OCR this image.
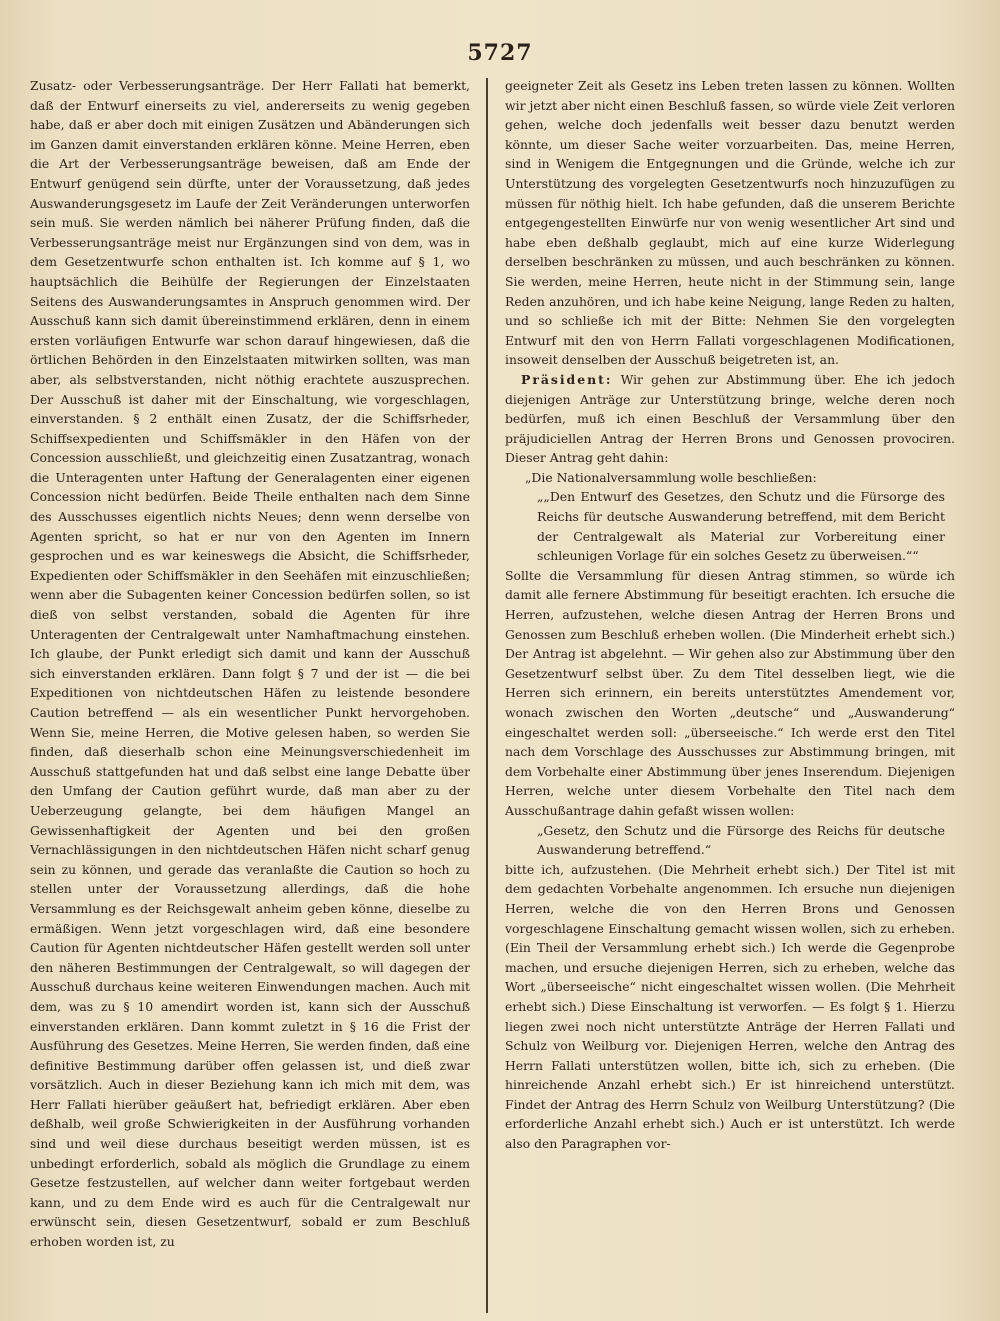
5727

Zusatz- oder Verbesserungsanträge. Der Herr Fallati hat bemerkt, daß der Entwurf einerseits zu viel, andererseits zu wenig gegeben habe, daß er aber doch mit einigen Zusätzen und Abänderungen sich im Ganzen damit einverstanden erklären könne. Meine Herren, eben die Art der Verbesserungsanträge beweisen, daß am Ende der Entwurf genügend sein dürfte, unter der Voraussetzung, daß jedes Auswanderungsgesetz im Laufe der Zeit Veränderungen unterworfen sein muß. Sie werden nämlich bei näherer Prüfung finden, daß die Verbesserungsanträge meist nur Ergänzungen sind von dem, was in dem Gesetzentwurfe schon enthalten ist. Ich komme auf § 1, wo hauptsächlich die Beihülfe der Regierungen der Einzelstaaten Seitens des Auswanderungsamtes in Anspruch genommen wird. Der Ausschuß kann sich damit übereinstimmend erklären, denn in einem ersten vorläufigen Entwurfe war schon darauf hingewiesen, daß die örtlichen Behörden in den Einzelstaaten mitwirken sollten, was man aber, als selbstverstanden, nicht nöthig erachtete auszusprechen. Der Ausschuß ist daher mit der Einschaltung, wie vorgeschlagen, einverstanden. § 2 enthält einen Zusatz, der die Schiffsrheder, Schiffsexpedienten und Schiffsmäkler in den Häfen von der Concession ausschließt, und gleichzeitig einen Zusatzantrag, wonach die Unteragenten unter Haftung der Generalagenten einer eigenen Concession nicht bedürfen. Beide Theile enthalten nach dem Sinne des Ausschusses eigentlich nichts Neues; denn wenn derselbe von Agenten spricht, so hat er nur von den Agenten im Innern gesprochen und es war keineswegs die Absicht, die Schiffsrheder, Expedienten oder Schiffsmäkler in den Seehäfen mit einzuschließen; wenn aber die Subagenten keiner Concession bedürfen sollen, so ist dieß von selbst verstanden, sobald die Agenten für ihre Unteragenten der Centralgewalt unter Namhaftmachung einstehen. Ich glaube, der Punkt erledigt sich damit und kann der Ausschuß sich einverstanden erklären. Dann folgt § 7 und der ist — die bei Expeditionen von nichtdeutschen Häfen zu leistende besondere Caution betreffend — als ein wesentlicher Punkt hervorgehoben. Wenn Sie, meine Herren, die Motive gelesen haben, so werden Sie finden, daß dieserhalb schon eine Meinungsverschiedenheit im Ausschuß stattgefunden hat und daß selbst eine lange Debatte über den Umfang der Caution geführt wurde, daß man aber zu der Ueberzeugung gelangte, bei dem häufigen Mangel an Gewissenhaftigkeit der Agenten und bei den großen Vernachlässigungen in den nichtdeutschen Häfen nicht scharf genug sein zu können, und gerade das veranlaßte die Caution so hoch zu stellen unter der Voraussetzung allerdings, daß die hohe Versammlung es der Reichsgewalt anheim geben könne, dieselbe zu ermäßigen. Wenn jetzt vorgeschlagen wird, daß eine besondere Caution für Agenten nichtdeutscher Häfen gestellt werden soll unter den näheren Bestimmungen der Centralgewalt, so will dagegen der Ausschuß durchaus keine weiteren Einwendungen machen. Auch mit dem, was zu § 10 amendirt worden ist, kann sich der Ausschuß einverstanden erklären. Dann kommt zuletzt in § 16 die Frist der Ausführung des Gesetzes. Meine Herren, Sie werden finden, daß eine definitive Bestimmung darüber offen gelassen ist, und dieß zwar vorsätzlich. Auch in dieser Beziehung kann ich mich mit dem, was Herr Fallati hierüber geäußert hat, befriedigt erklären. Aber eben deßhalb, weil große Schwierigkeiten in der Ausführung vorhanden sind und weil diese durchaus beseitigt werden müssen, ist es unbedingt erforderlich, sobald als möglich die Grundlage zu einem Gesetze festzustellen, auf welcher dann weiter fortgebaut werden kann, und zu dem Ende wird es auch für die Centralgewalt nur erwünscht sein, diesen Gesetzentwurf, sobald er zum Beschluß erhoben worden ist, zu

geeigneter Zeit als Gesetz ins Leben treten lassen zu können. Wollten wir jetzt aber nicht einen Beschluß fassen, so würde viele Zeit verloren gehen, welche doch jedenfalls weit besser dazu benutzt werden könnte, um dieser Sache weiter vorzuarbeiten. Das, meine Herren, sind in Wenigem die Entgegnungen und die Gründe, welche ich zur Unterstützung des vorgelegten Gesetzentwurfs noch hinzuzufügen zu müssen für nöthig hielt. Ich habe gefunden, daß die unserem Berichte entgegengestellten Einwürfe nur von wenig wesentlicher Art sind und habe eben deßhalb geglaubt, mich auf eine kurze Widerlegung derselben beschränken zu müssen, und auch beschränken zu können. Sie werden, meine Herren, heute nicht in der Stimmung sein, lange Reden anzuhören, und ich habe keine Neigung, lange Reden zu halten, und so schließe ich mit der Bitte: Nehmen Sie den vorgelegten Entwurf mit den von Herrn Fallati vorgeschlagenen Modificationen, insoweit denselben der Ausschuß beigetreten ist, an.

Präsident: Wir gehen zur Abstimmung über. Ehe ich jedoch diejenigen Anträge zur Unterstützung bringe, welche deren noch bedürfen, muß ich einen Beschluß der Versammlung über den präjudiciellen Antrag der Herren Brons und Genossen provociren. Dieser Antrag geht dahin:

„Die Nationalversammlung wolle beschließen:

„„Den Entwurf des Gesetzes, den Schutz und die Fürsorge des Reichs für deutsche Auswanderung betreffend, mit dem Bericht der Centralgewalt als Material zur Vorbereitung einer schleunigen Vorlage für ein solches Gesetz zu überweisen.““

Sollte die Versammlung für diesen Antrag stimmen, so würde ich damit alle fernere Abstimmung für beseitigt erachten. Ich ersuche die Herren, aufzustehen, welche diesen Antrag der Herren Brons und Genossen zum Beschluß erheben wollen. (Die Minderheit erhebt sich.) Der Antrag ist abgelehnt. — Wir gehen also zur Abstimmung über den Gesetzentwurf selbst über. Zu dem Titel desselben liegt, wie die Herren sich erinnern, ein bereits unterstütztes Amendement vor, wonach zwischen den Worten „deutsche“ und „Auswanderung“ eingeschaltet werden soll: „überseeische.“ Ich werde erst den Titel nach dem Vorschlage des Ausschusses zur Abstimmung bringen, mit dem Vorbehalte einer Abstimmung über jenes Inserendum. Diejenigen Herren, welche unter diesem Vorbehalte den Titel nach dem Ausschußantrage dahin gefaßt wissen wollen:

„Gesetz, den Schutz und die Fürsorge des Reichs für deutsche Auswanderung betreffend.“

bitte ich, aufzustehen. (Die Mehrheit erhebt sich.) Der Titel ist mit dem gedachten Vorbehalte angenommen. Ich ersuche nun diejenigen Herren, welche die von den Herren Brons und Genossen vorgeschlagene Einschaltung gemacht wissen wollen, sich zu erheben. (Ein Theil der Versammlung erhebt sich.) Ich werde die Gegenprobe machen, und ersuche diejenigen Herren, sich zu erheben, welche das Wort „überseeische“ nicht eingeschaltet wissen wollen. (Die Mehrheit erhebt sich.) Diese Einschaltung ist verworfen. — Es folgt § 1. Hierzu liegen zwei noch nicht unterstützte Anträge der Herren Fallati und Schulz von Weilburg vor. Diejenigen Herren, welche den Antrag des Herrn Fallati unterstützen wollen, bitte ich, sich zu erheben. (Die hinreichende Anzahl erhebt sich.) Er ist hinreichend unterstützt. Findet der Antrag des Herrn Schulz von Weilburg Unterstützung? (Die erforderliche Anzahl erhebt sich.) Auch er ist unterstützt. Ich werde also den Paragraphen vor-
